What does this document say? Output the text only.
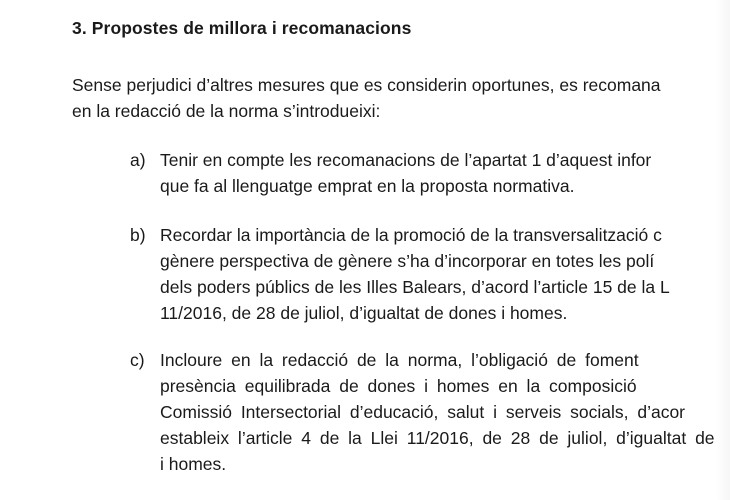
3. Propostes de millora i recomanacions
Sense perjudici d’altres mesures que es considerin oportunes, es recomana
en la redacció de la norma s’introdueixi:
a) Tenir en compte les recomanacions de l’apartat 1 d’aquest infor
que fa al llenguatge emprat en la proposta normativa.
b) Recordar la importància de la promoció de la transversalització c
gènere perspectiva de gènere s’ha d’incorporar en totes les polí
dels poders públics de les Illes Balears, d’acord l’article 15 de la L
11/2016, de 28 de juliol, d’igualtat de dones i homes.
c) Incloure en la redacció de la norma, l’obligació de foment
presència equilibrada de dones i homes en la composició
Comissió Intersectorial d’educació, salut i serveis socials, d’acor
estableix l’article 4 de la Llei 11/2016, de 28 de juliol, d’igualtat de
i homes.
